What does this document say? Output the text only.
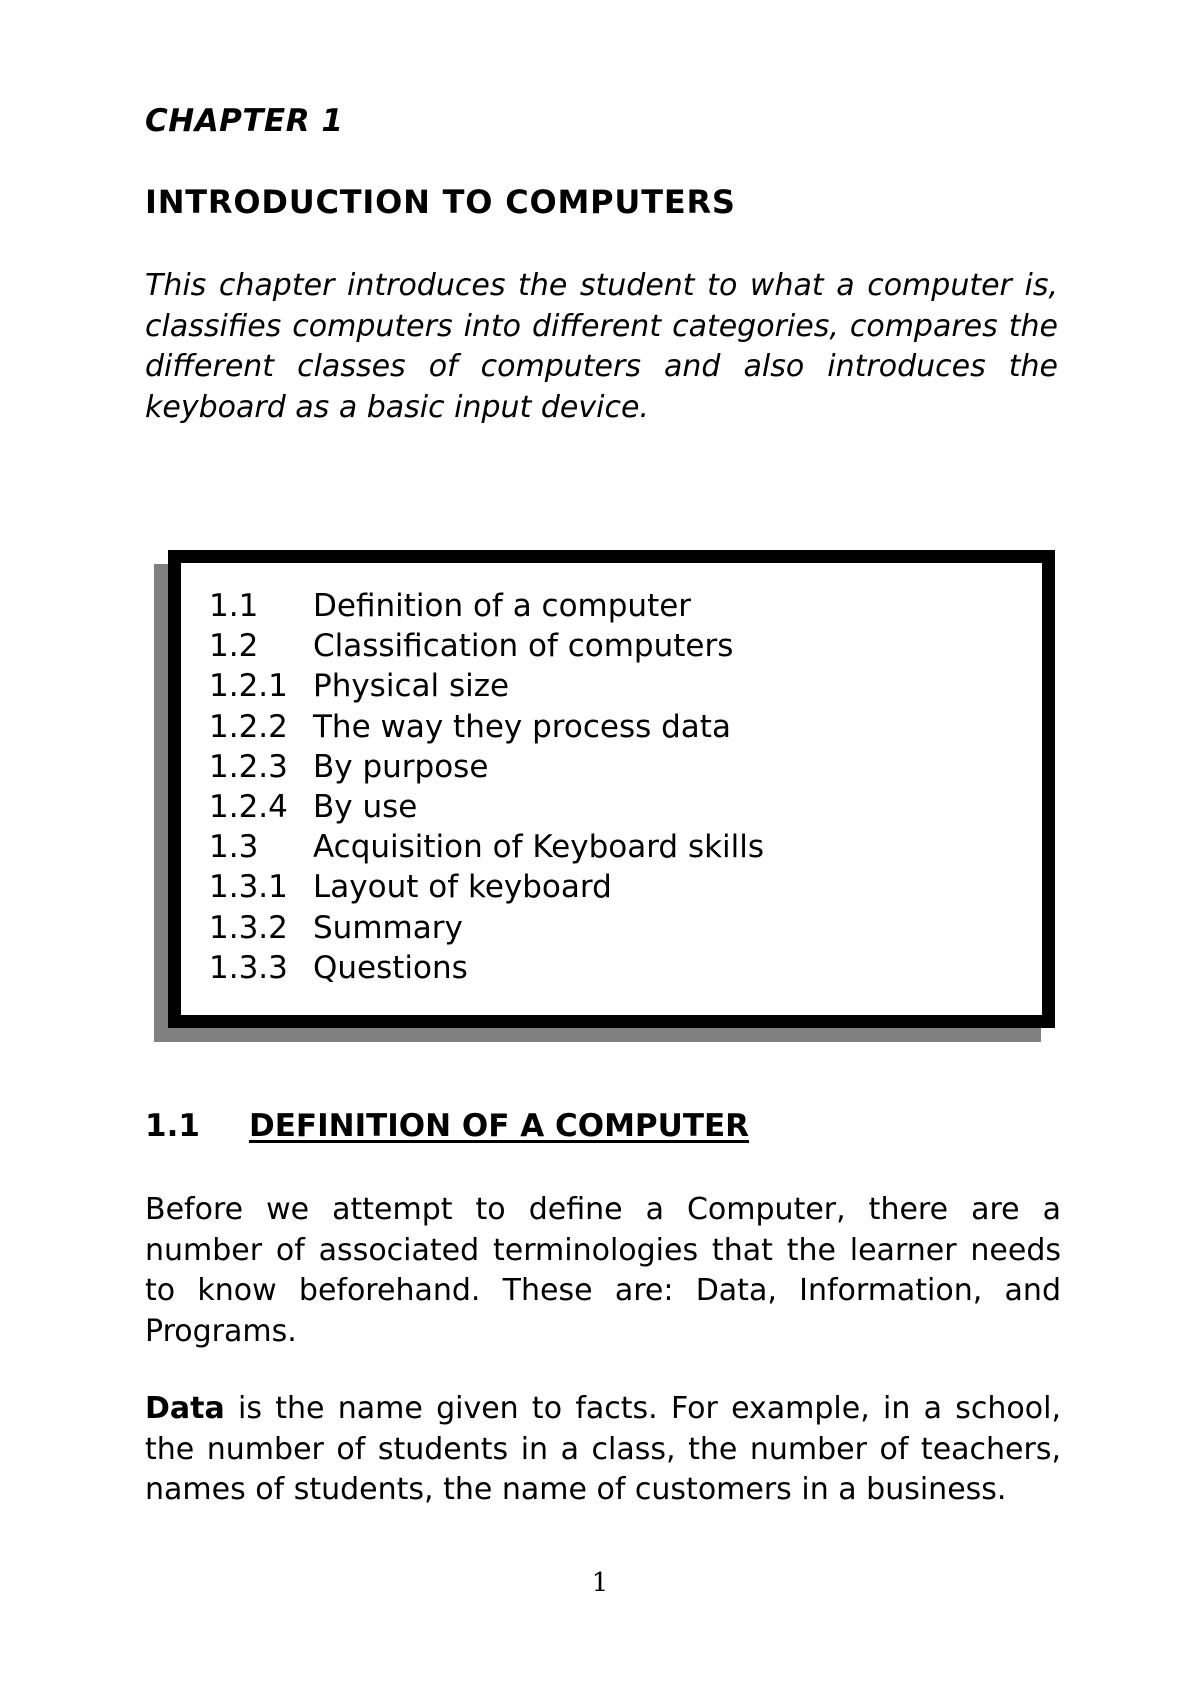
CHAPTER 1

INTRODUCTION TO COMPUTERS

This chapter introduces the student to what a computer is, classifies computers into different categories, compares the different classes of computers and also introduces the keyboard as a basic input device.

1.1 Definition of a computer
1.2 Classification of computers
1.2.1 Physical size
1.2.2 The way they process data
1.2.3 By purpose
1.2.4 By use
1.3 Acquisition of Keyboard skills
1.3.1 Layout of keyboard
1.3.2 Summary
1.3.3 Questions
1.1 DEFINITION OF A COMPUTER

Before we attempt to define a Computer, there are a number of associated terminologies that the learner needs to know beforehand. These are: Data, Information, and Programs.

Data is the name given to facts. For example, in a school, the number of students in a class, the number of teachers, names of students, the name of customers in a business.

1
